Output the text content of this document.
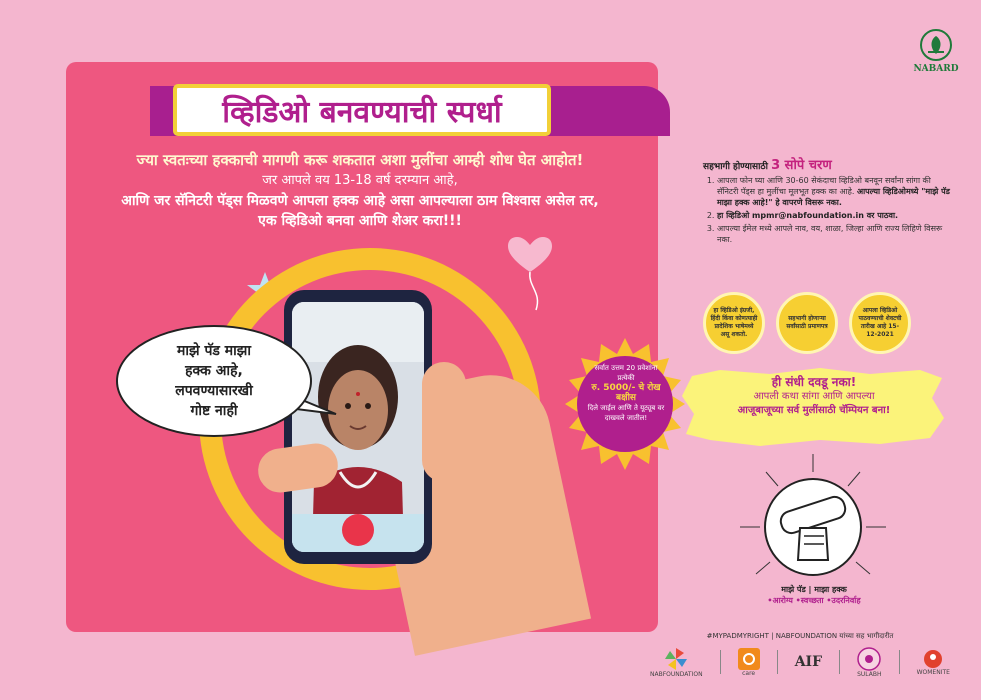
NABARD
व्हिडिओ बनवण्याची स्पर्धा
ज्या स्वतःच्या हक्काची मागणी करू शकतात अशा मुलींचा आम्ही शोध घेत आहोत!
जर आपले वय 13-18 वर्ष दरम्यान आहे,
आणि जर सॅनिटरी पॅड्स मिळवणे आपला हक्क आहे असा आपल्याला ठाम विश्वास असेल तर,
एक व्हिडिओ बनवा आणि शेअर करा!!!
माझे पॅड माझा
हक्क आहे,
लपवण्यासारखी
गोष्ट नाही
सहभागी होण्यासाठी 3 सोपे चरण
1. आपला फोन घ्या आणि 30-60 सेकंदाचा व्हिडिओ बनवून सर्वांना सांगा की सॅनिटरी पॅड्स हा मुलींचा मूलभूत हक्क का आहे. आपल्या व्हिडिओमध्ये "माझे पॅड माझा हक्क आहे!" हे वापरणे विसरू नका.
2. हा व्हिडिओ mpmr@nabfoundation.in वर पाठवा.
3. आपल्या ईमेल मध्ये आपले नाव, वय, शाळा, जिल्हा आणि राज्य लिहिणे विसरू नका.
हा व्हिडिओ इंग्रजी, हिंदी किंवा कोणत्याही प्रादेशिक भाषेमध्ये असू शकतो.
सहभागी होणाऱ्या सर्वांसाठी प्रमाणपत्र
आपला व्हिडिओ पाठवण्याची शेवटची तारीख आहे 15-12-2021
सर्वात उत्तम 20 प्रवेशांना प्रत्येकी
रु. 5000/- चे रोख बक्षीस
दिले जाईल आणि ते यूट्यूब वर दाखवले जातील!
ही संधी दवडू नका!
आपली कथा सांगा आणि आपल्या
आजूबाजूच्या सर्व मुलींसाठी चॅम्पियन बना!
माझे पॅड | माझा हक्क
•आरोग्य •स्वच्छता •उदरनिर्वाह
#MYPADMYRIGHT | NABFOUNDATION यांच्या सह भागीदारीत
NABFOUNDATION	care
AIF
SULABH	WOMENITE
